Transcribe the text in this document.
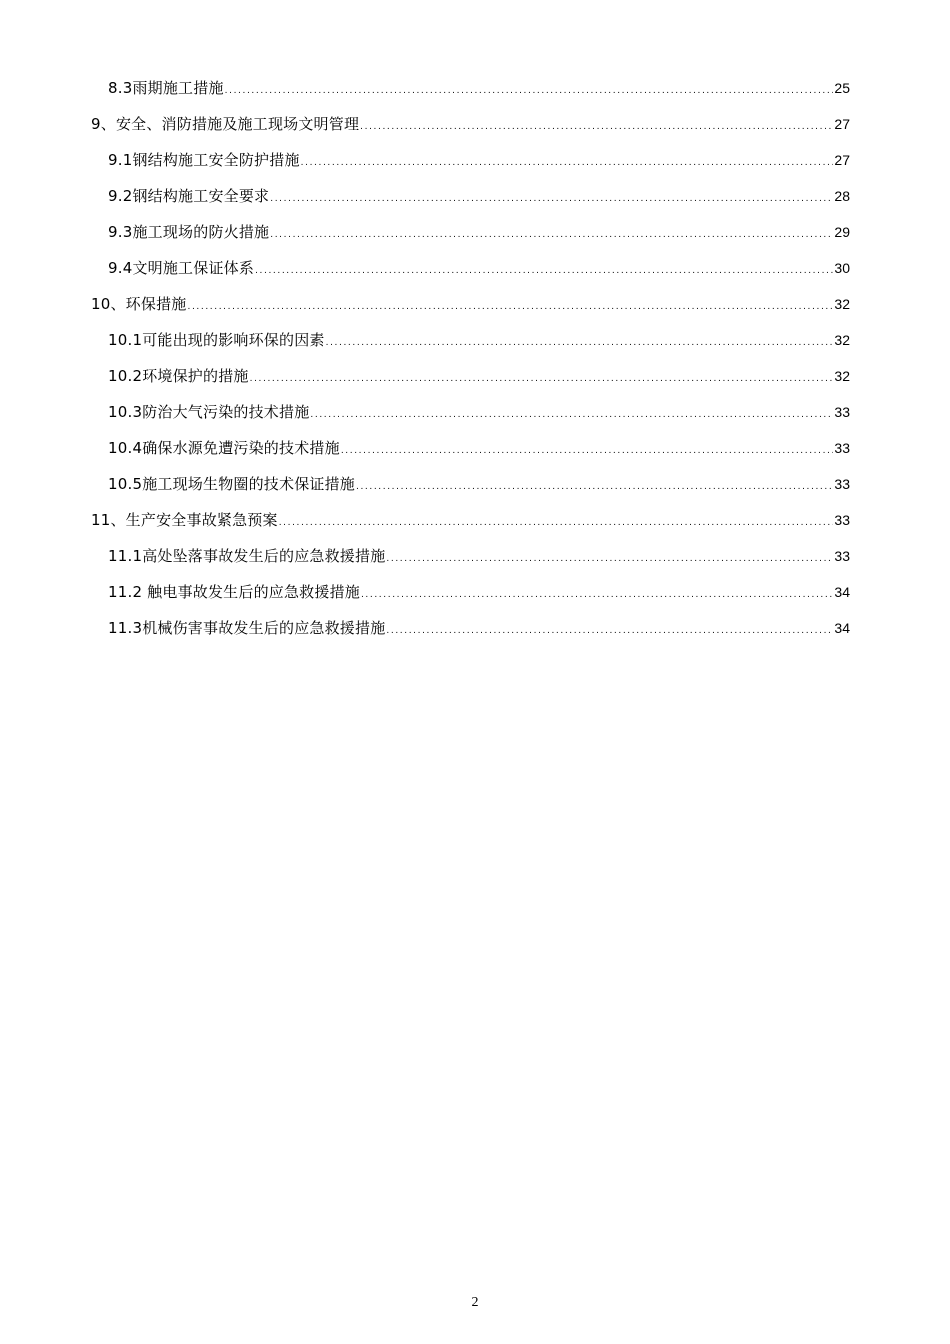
8.3雨期施工措施 .....	25
9、安全、消防措施及施工现场文明管理 .....	27
9.1钢结构施工安全防护措施 .....	27
9.2钢结构施工安全要求 .....	28
9.3施工现场的防火措施 .....	29
9.4文明施工保证体系 .....	30
10、环保措施 .....	32
10.1可能出现的影响环保的因素 .....	32
10.2环境保护的措施 .....	32
10.3防治大气污染的技术措施 .....	33
10.4确保水源免遭污染的技术措施 .....	33
10.5施工现场生物圈的技术保证措施 .....	33
11、生产安全事故紧急预案 .....	33
11.1高处坠落事故发生后的应急救援措施 .....	33
11.2 触电事故发生后的应急救援措施 .....	34
11.3机械伤害事故发生后的应急救援措施 .....	34
2
